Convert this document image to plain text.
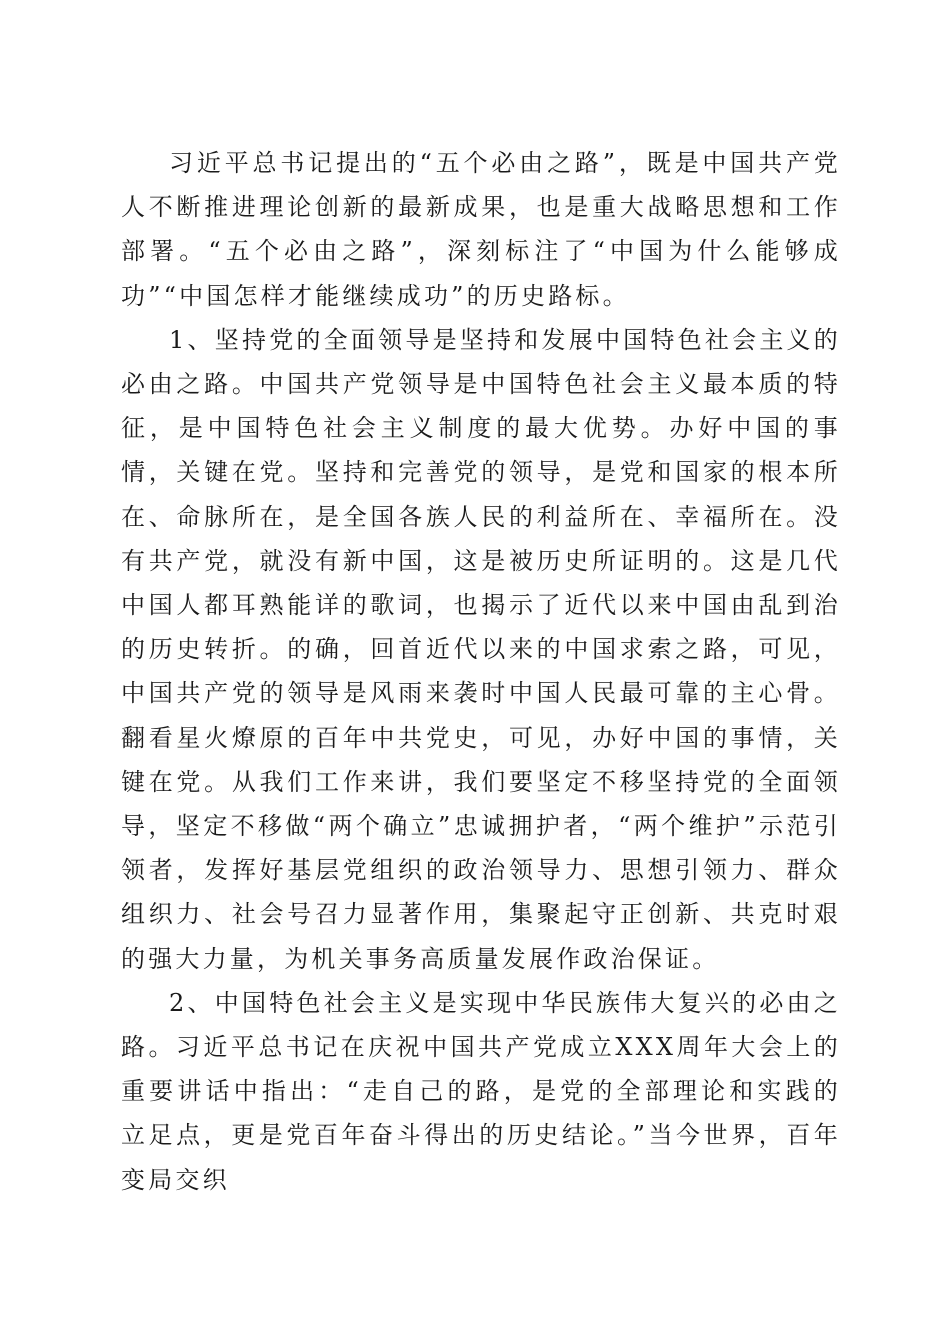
习近平总书记提出的“五个必由之路”，既是中国共产党人不断推进理论创新的最新成果，也是重大战略思想和工作部署。“五个必由之路”，深刻标注了“中国为什么能够成功”“中国怎样才能继续成功”的历史路标。

1、坚持党的全面领导是坚持和发展中国特色社会主义的必由之路。中国共产党领导是中国特色社会主义最本质的特征，是中国特色社会主义制度的最大优势。办好中国的事情，关键在党。坚持和完善党的领导，是党和国家的根本所在、命脉所在，是全国各族人民的利益所在、幸福所在。没有共产党，就没有新中国，这是被历史所证明的。这是几代中国人都耳熟能详的歌词，也揭示了近代以来中国由乱到治的历史转折。的确，回首近代以来的中国求索之路，可见，中国共产党的领导是风雨来袭时中国人民最可靠的主心骨。翻看星火燎原的百年中共党史，可见，办好中国的事情，关键在党。从我们工作来讲，我们要坚定不移坚持党的全面领导，坚定不移做“两个确立”忠诚拥护者，“两个维护”示范引领者，发挥好基层党组织的政治领导力、思想引领力、群众组织力、社会号召力显著作用，集聚起守正创新、共克时艰的强大力量，为机关事务高质量发展作政治保证。

2、中国特色社会主义是实现中华民族伟大复兴的必由之路。习近平总书记在庆祝中国共产党成立XXX周年大会上的重要讲话中指出：“走自己的路，是党的全部理论和实践的立足点，更是党百年奋斗得出的历史结论。”当今世界，百年变局交织
